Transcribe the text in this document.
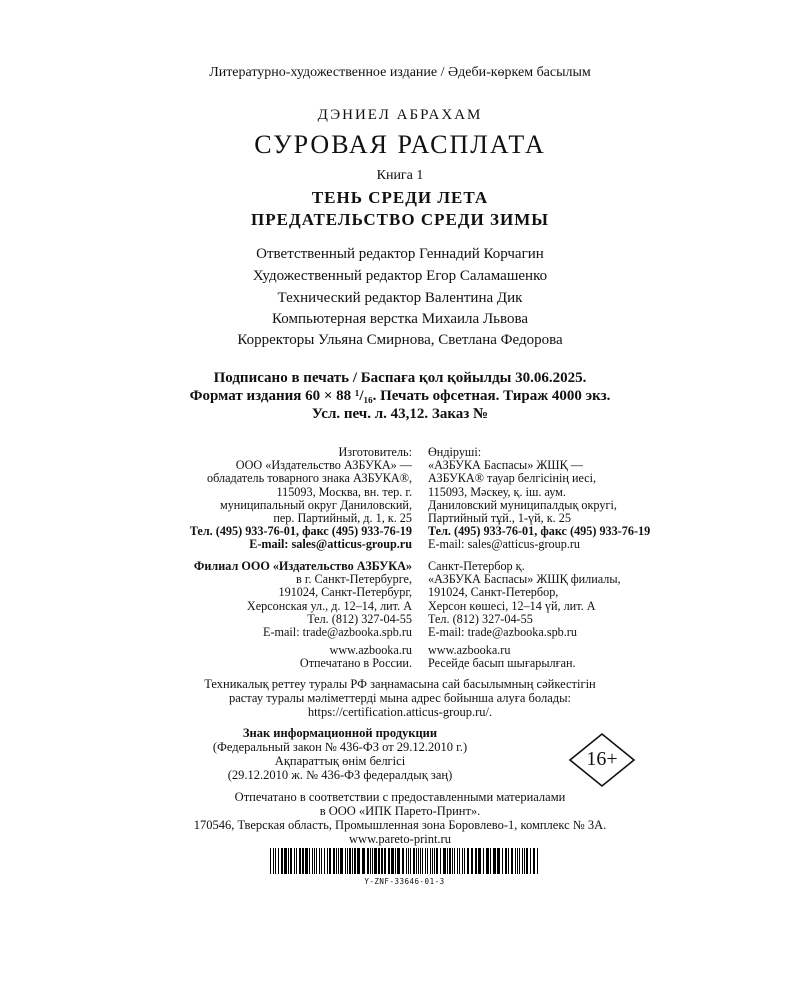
Литературно-художественное издание / Әдеби-көркем басылым
ДЭНИЕЛ АБРАХАМ
СУРОВАЯ РАСПЛАТА
Книга 1
ТЕНЬ СРЕДИ ЛЕТА
ПРЕДАТЕЛЬСТВО СРЕДИ ЗИМЫ
Ответственный редактор Геннадий Корчагин
Художественный редактор Егор Саламашенко
Технический редактор Валентина Дик
Компьютерная верстка Михаила Львова
Корректоры Ульяна Смирнова, Светлана Федорова
Подписано в печать / Баспаға қол қойылды 30.06.2025.
Формат издания 60 × 88 ¹/₁₆. Печать офсетная. Тираж 4000 экз.
Усл. печ. л. 43,12. Заказ №
Изготовитель:
ООО «Издательство АЗБУКА» —
обладатель товарного знака АЗБУКА®,
115093, Москва, вн. тер. г.
муниципальный округ Даниловский,
пер. Партийный, д. 1, к. 25
Тел. (495) 933-76-01, факс (495) 933-76-19
E-mail: sales@atticus-group.ru
Өндіруші:
«АЗБУКА Баспасы» ЖШҚ —
АЗБУКА® тауар белгісінің иесі,
115093, Мәскеу, қ. іш. аум.
Даниловский муниципалдық округі,
Партийный тұй., 1-үй, к. 25
Тел. (495) 933-76-01, факс (495) 933-76-19
E-mail: sales@atticus-group.ru
Филиал ООО «Издательство АЗБУКА»
в г. Санкт-Петербурге,
191024, Санкт-Петербург,
Херсонская ул., д. 12–14, лит. А
Тел. (812) 327-04-55
E-mail: trade@azbooka.spb.ru
Санкт-Петербор қ.
«АЗБУКА Баспасы» ЖШҚ филиалы,
191024, Санкт-Петербор,
Херсон көшесі, 12–14 үй, лит. А
Тел. (812) 327-04-55
E-mail: trade@azbooka.spb.ru
www.azbooka.ru
Отпечатано в России.
www.azbooka.ru
Ресейде басып шығарылған.
Техникалық реттеу туралы РФ заңнамасына сай басылымның сәйкестігін
растау туралы мәліметтерді мына адрес бойынша алуға болады:
https://certification.atticus-group.ru/.
Знак информационной продукции
(Федеральный закон № 436-ФЗ от 29.12.2010 г.)
Ақпараттық өнім белгісі
(29.12.2010 ж. № 436-ФЗ федералдық заң)
16+
Отпечатано в соответствии с предоставленными материалами
в ООО «ИПК Парето-Принт».
170546, Тверская область, Промышленная зона Боровлево-1, комплекс № 3А.
www.pareto-print.ru
Y-ZNF-33646-01-3
